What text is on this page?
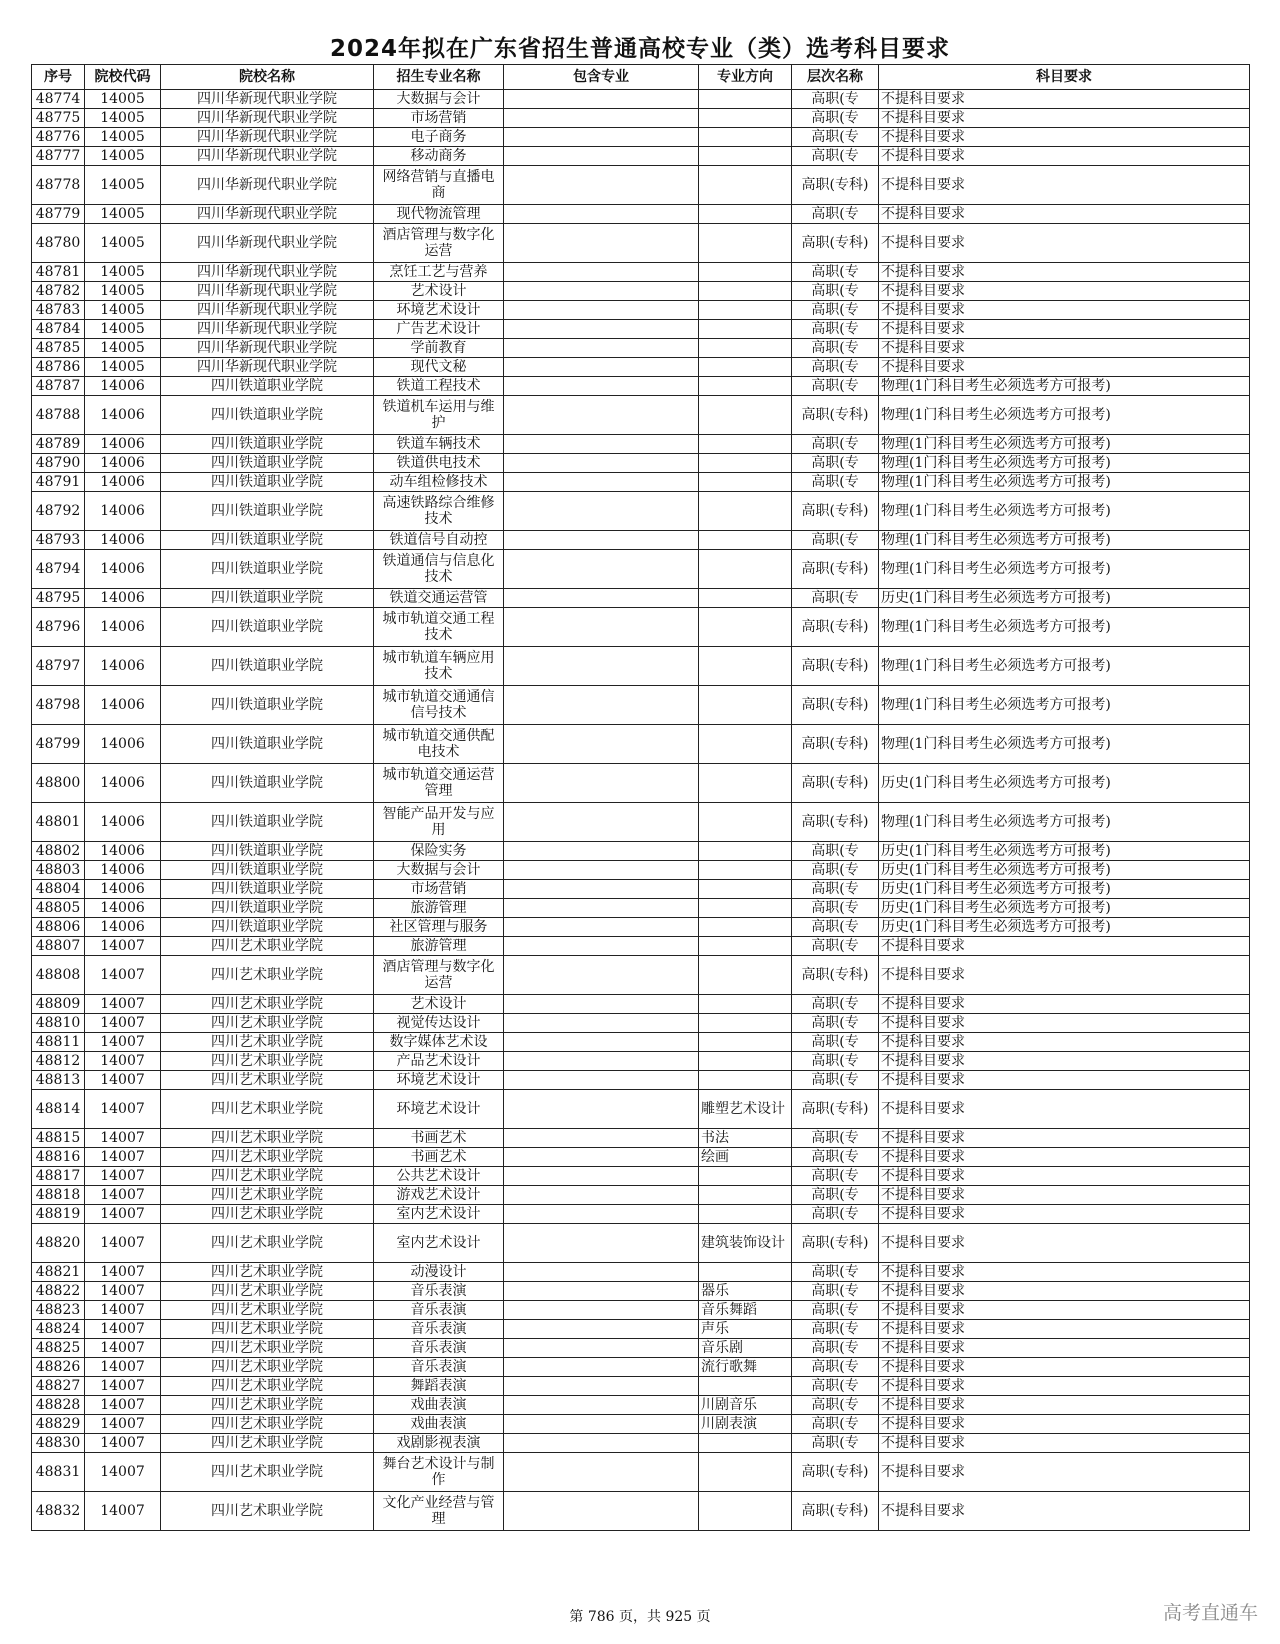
2024年拟在广东省招生普通高校专业（类）选考科目要求
序号	院校代码	院校名称	招生专业名称	包含专业	专业方向	层次名称	科目要求
48774	14005	四川华新现代职业学院	大数据与会计			高职(专	不提科目要求
48775	14005	四川华新现代职业学院	市场营销			高职(专	不提科目要求
48776	14005	四川华新现代职业学院	电子商务			高职(专	不提科目要求
48777	14005	四川华新现代职业学院	移动商务			高职(专	不提科目要求
48778	14005	四川华新现代职业学院	网络营销与直播电商			高职(专科)	不提科目要求
48779	14005	四川华新现代职业学院	现代物流管理			高职(专	不提科目要求
48780	14005	四川华新现代职业学院	酒店管理与数字化运营			高职(专科)	不提科目要求
48781	14005	四川华新现代职业学院	烹饪工艺与营养			高职(专	不提科目要求
48782	14005	四川华新现代职业学院	艺术设计			高职(专	不提科目要求
48783	14005	四川华新现代职业学院	环境艺术设计			高职(专	不提科目要求
48784	14005	四川华新现代职业学院	广告艺术设计			高职(专	不提科目要求
48785	14005	四川华新现代职业学院	学前教育			高职(专	不提科目要求
48786	14005	四川华新现代职业学院	现代文秘			高职(专	不提科目要求
48787	14006	四川铁道职业学院	铁道工程技术			高职(专	物理(1门科目考生必须选考方可报考)
48788	14006	四川铁道职业学院	铁道机车运用与维护			高职(专科)	物理(1门科目考生必须选考方可报考)
48789	14006	四川铁道职业学院	铁道车辆技术			高职(专	物理(1门科目考生必须选考方可报考)
48790	14006	四川铁道职业学院	铁道供电技术			高职(专	物理(1门科目考生必须选考方可报考)
48791	14006	四川铁道职业学院	动车组检修技术			高职(专	物理(1门科目考生必须选考方可报考)
48792	14006	四川铁道职业学院	高速铁路综合维修技术			高职(专科)	物理(1门科目考生必须选考方可报考)
48793	14006	四川铁道职业学院	铁道信号自动控			高职(专	物理(1门科目考生必须选考方可报考)
48794	14006	四川铁道职业学院	铁道通信与信息化技术			高职(专科)	物理(1门科目考生必须选考方可报考)
48795	14006	四川铁道职业学院	铁道交通运营管			高职(专	历史(1门科目考生必须选考方可报考)
48796	14006	四川铁道职业学院	城市轨道交通工程技术			高职(专科)	物理(1门科目考生必须选考方可报考)
48797	14006	四川铁道职业学院	城市轨道车辆应用技术			高职(专科)	物理(1门科目考生必须选考方可报考)
48798	14006	四川铁道职业学院	城市轨道交通通信信号技术			高职(专科)	物理(1门科目考生必须选考方可报考)
48799	14006	四川铁道职业学院	城市轨道交通供配电技术			高职(专科)	物理(1门科目考生必须选考方可报考)
48800	14006	四川铁道职业学院	城市轨道交通运营管理			高职(专科)	历史(1门科目考生必须选考方可报考)
48801	14006	四川铁道职业学院	智能产品开发与应用			高职(专科)	物理(1门科目考生必须选考方可报考)
48802	14006	四川铁道职业学院	保险实务			高职(专	历史(1门科目考生必须选考方可报考)
48803	14006	四川铁道职业学院	大数据与会计			高职(专	历史(1门科目考生必须选考方可报考)
48804	14006	四川铁道职业学院	市场营销			高职(专	历史(1门科目考生必须选考方可报考)
48805	14006	四川铁道职业学院	旅游管理			高职(专	历史(1门科目考生必须选考方可报考)
48806	14006	四川铁道职业学院	社区管理与服务			高职(专	历史(1门科目考生必须选考方可报考)
48807	14007	四川艺术职业学院	旅游管理			高职(专	不提科目要求
48808	14007	四川艺术职业学院	酒店管理与数字化运营			高职(专科)	不提科目要求
48809	14007	四川艺术职业学院	艺术设计			高职(专	不提科目要求
48810	14007	四川艺术职业学院	视觉传达设计			高职(专	不提科目要求
48811	14007	四川艺术职业学院	数字媒体艺术设			高职(专	不提科目要求
48812	14007	四川艺术职业学院	产品艺术设计			高职(专	不提科目要求
48813	14007	四川艺术职业学院	环境艺术设计			高职(专	不提科目要求
48814	14007	四川艺术职业学院	环境艺术设计		雕塑艺术设计	高职(专科)	不提科目要求
48815	14007	四川艺术职业学院	书画艺术		书法	高职(专	不提科目要求
48816	14007	四川艺术职业学院	书画艺术		绘画	高职(专	不提科目要求
48817	14007	四川艺术职业学院	公共艺术设计			高职(专	不提科目要求
48818	14007	四川艺术职业学院	游戏艺术设计			高职(专	不提科目要求
48819	14007	四川艺术职业学院	室内艺术设计			高职(专	不提科目要求
48820	14007	四川艺术职业学院	室内艺术设计		建筑装饰设计	高职(专科)	不提科目要求
48821	14007	四川艺术职业学院	动漫设计			高职(专	不提科目要求
48822	14007	四川艺术职业学院	音乐表演		器乐	高职(专	不提科目要求
48823	14007	四川艺术职业学院	音乐表演		音乐舞蹈	高职(专	不提科目要求
48824	14007	四川艺术职业学院	音乐表演		声乐	高职(专	不提科目要求
48825	14007	四川艺术职业学院	音乐表演		音乐剧	高职(专	不提科目要求
48826	14007	四川艺术职业学院	音乐表演		流行歌舞	高职(专	不提科目要求
48827	14007	四川艺术职业学院	舞蹈表演			高职(专	不提科目要求
48828	14007	四川艺术职业学院	戏曲表演		川剧音乐	高职(专	不提科目要求
48829	14007	四川艺术职业学院	戏曲表演		川剧表演	高职(专	不提科目要求
48830	14007	四川艺术职业学院	戏剧影视表演			高职(专	不提科目要求
48831	14007	四川艺术职业学院	舞台艺术设计与制作			高职(专科)	不提科目要求
48832	14007	四川艺术职业学院	文化产业经营与管理			高职(专科)	不提科目要求
第 786 页，共 925 页	高考直通车
